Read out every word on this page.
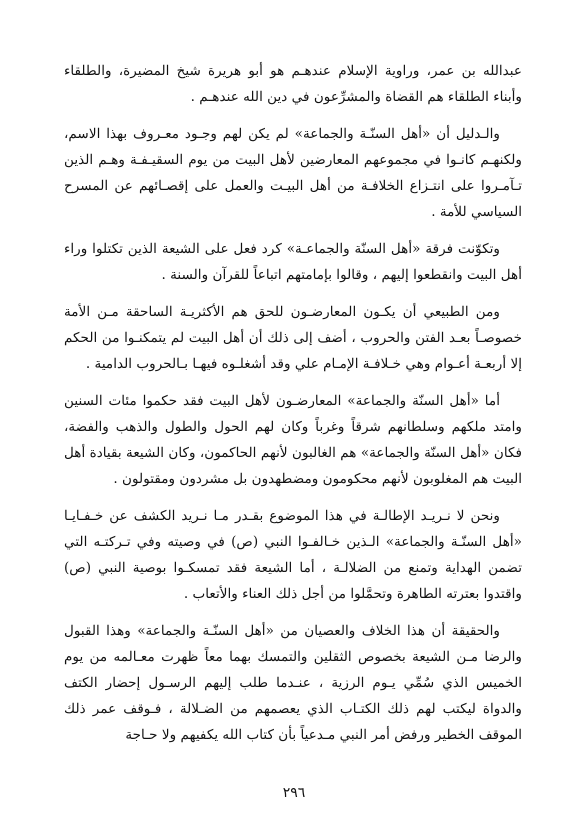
عبدالله بن عمر، وراوية الإسلام عندهـم هو أبو هريرة شيخ المضيرة، والطلقاء وأبناء الطلقاء هم القضاة والمشرِّعون في دين الله عندهـم .

والـدليل أن «أهل السنّـة والجماعة» لم يكن لهم وجـود معـروف بهذا الاسم، ولكنهـم كانـوا في مجموعهم المعارضين لأهل البيت من يوم السقيـفـة وهـم الذين تـآمـروا على انتـزاع الخلافـة من أهل البيـت والعمل على إقصـائهم عن المسرح السياسي للأمة .

وتكوّنت فرقة «أهل السنّة والجماعـة» كرد فعل على الشيعة الذين تكتلوا وراء أهل البيت وانقطعوا إليهم ، وقالوا بإمامتهم اتباعاً للقرآن والسنة .

ومن الطبيعي أن يكـون المعارضـون للحق هم الأكثريـة الساحقة مـن الأمة خصوصـاً بعـد الفتن والحروب ، أضف إلى ذلك أن أهل البيت لم يتمكنـوا من الحكم إلا أربعـة أعـوام وهي خـلافـة الإمـام علي وقد أشغلـوه فيهـا بـالحروب الدامية .

أما «أهل السنّة والجماعة» المعارضـون لأهل البيت فقد حكموا مئات السنين وامتد ملكهم وسلطانهم شرقاً وغرباً وكان لهم الحول والطول والذهب والفضة، فكان «أهل السنّة والجماعة» هم الغالبون لأنهم الحاكمون، وكان الشيعة بقيادة أهل البيت هم المغلوبون لأنهم محكومون ومضطهدون بل مشردون ومقتولون .

ونحن لا نـريـد الإطالـة في هذا الموضوع بقـدر مـا نـريد الكشف عن خـفـايـا «أهل السنّـة والجماعة» الـذين خـالفـوا النبي (ص) في وصيته وفي تـركتـه التي تضمن الهداية وتمنع من الضلالـة ، أما الشيعة فقد تمسكـوا بوصية النبي (ص) واقتدوا بعترته الطاهرة وتحمَّلوا من أجل ذلك العناء والأتعاب .

والحقيقة أن هذا الخلاف والعصيان من «أهل السنّـة والجماعة» وهذا القبول والرضا مـن الشيعة بخصوص الثقلين والتمسك بهما معاً ظهرت معـالمه من يوم الخميس الذي سُمِّي يـوم الرزية ، عنـدما طلب إليهم الرسـول إحضار الكتف والدواة ليكتب لهم ذلك الكتـاب الذي يعصمهم من الضـلالة ، فـوقف عمر ذلك الموقف الخطير ورفض أمر النبي مـدعياً بأن كتاب الله يكفيهم ولا حـاجة

٢٩٦
